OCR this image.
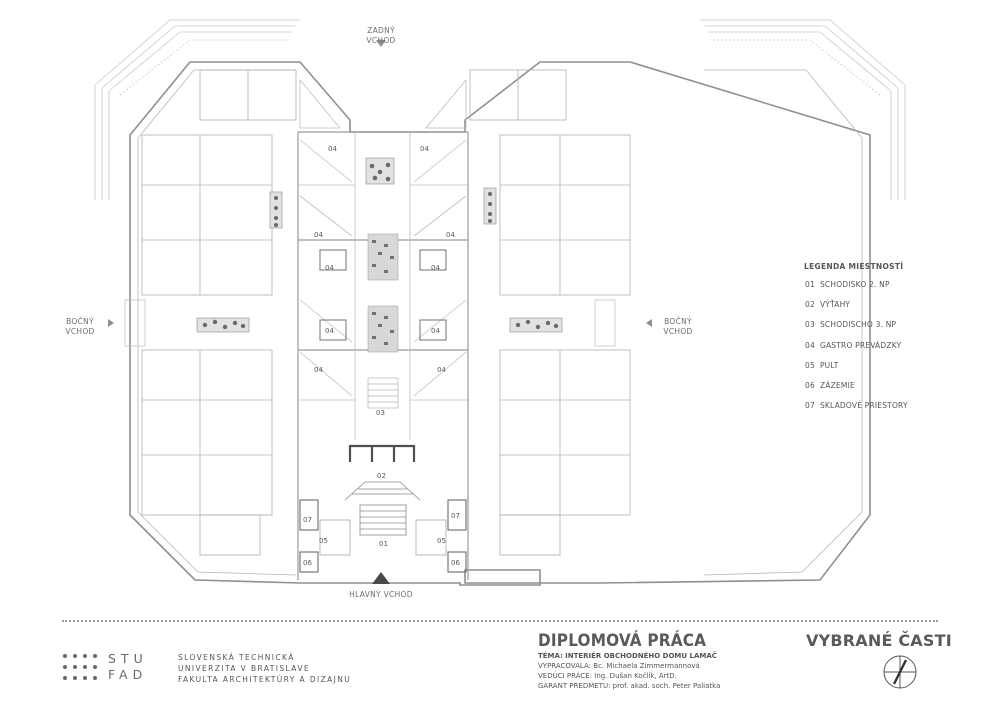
04	04
04	04
04	04
04	04
04	04
03
02
01
07	07
05	05
06	06
ZADNÝ VCHOD
BOČNÝ
VCHOD
BOČNÝ
VCHOD
HLAVNÝ VCHOD
LEGENDA MIESTNOSTÍ
01 SCHODISKO 2. NP
02 VÝŤAHY
03 SCHODISCHO 3. NP
04 GASTRO PREVÁDZKY
05 PULT
06 ZÁZEMIE
07 SKLADOVÉ PRIESTORY
STU
FAD
SLOVENSKÁ TECHNICKÁ
UNIVERZITA V BRATISLAVE
FAKULTA ARCHITEKTÚRY A DIZAJNU
DIPLOMOVÁ PRÁCA
TÉMA: INTERIÉR OBCHODNÉHO DOMU LAMAČ
VYPRACOVALA: Bc. Michaela Zimmermannová
VEDÚCI PRÁCE: Ing. Dušan Kočlík, ArtD.
GARANT PREDMETU: prof. akad. soch. Peter Paliatka
VYBRANÉ ČASTI
